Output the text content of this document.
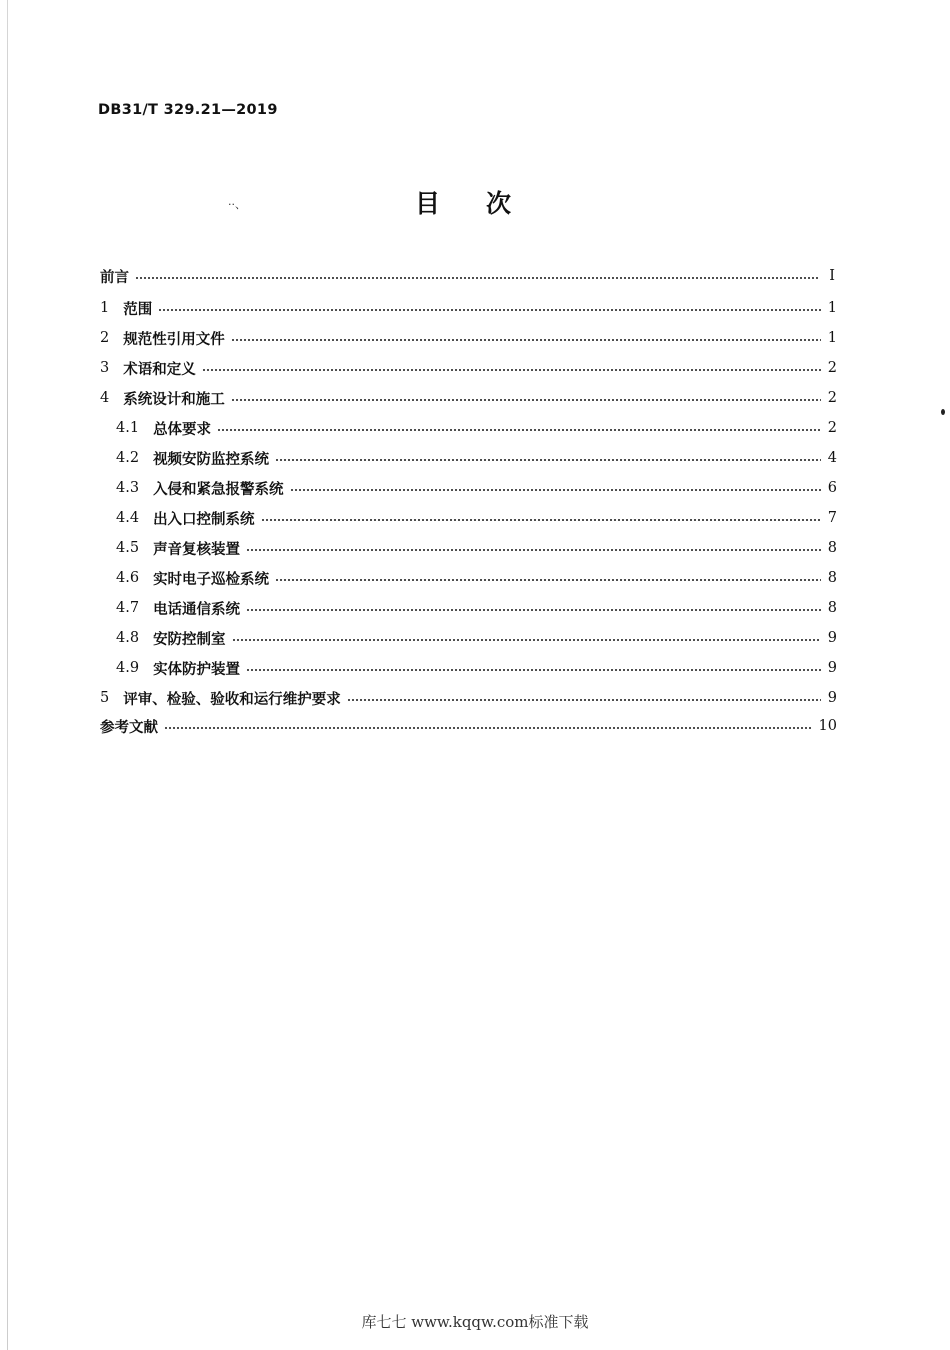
DB31/T 329.21—2019
··、	目次
前言	I
1 范围	1
2 规范性引用文件	1
3 术语和定义	2
4 系统设计和施工	2
4.1 总体要求	2
4.2 视频安防监控系统	4
4.3 入侵和紧急报警系统	6
4.4 出入口控制系统	7
4.5 声音复核装置	8
4.6 实时电子巡检系统	8
4.7 电话通信系统	8
4.8 安防控制室	9
4.9 实体防护装置	9
5 评审、检验、验收和运行维护要求	9
参考文献	10
库七七 www.kqqw.com标准下载
